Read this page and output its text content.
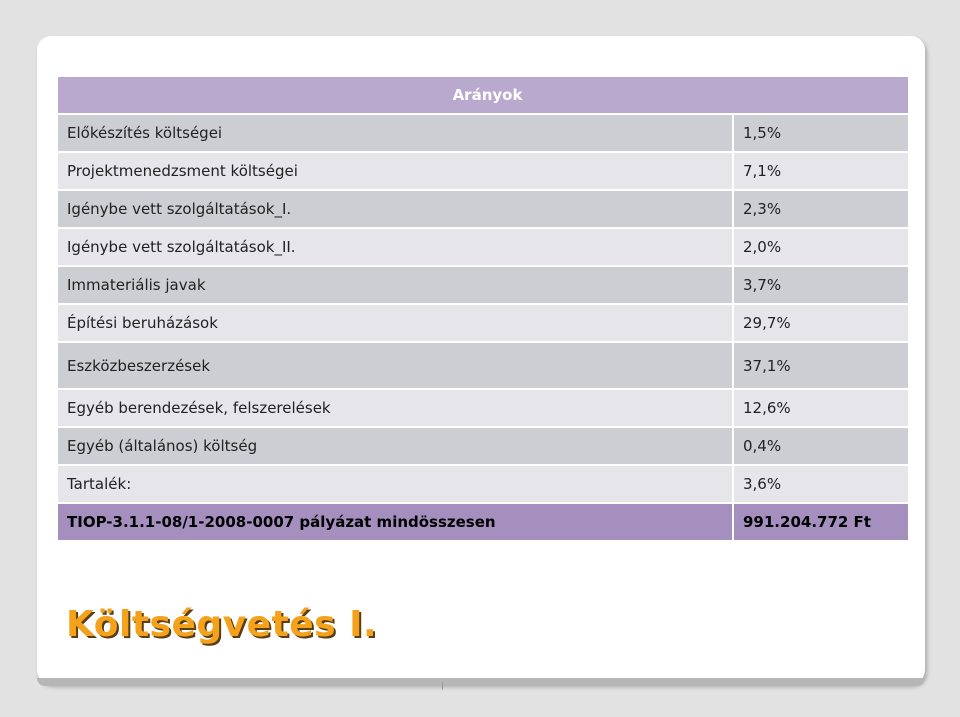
Arányok	
Előkészítés költségei	1,5%
Projektmenedzsment költségei	7,1%
Igénybe vett szolgáltatások_I.	2,3%
Igénybe vett szolgáltatások_II.	2,0%
Immateriális javak	3,7%
Építési beruházások	29,7%
Eszközbeszerzések	37,1%
Egyéb berendezések, felszerelések	12,6%
Egyéb (általános) költség	0,4%
Tartalék:	3,6%
TIOP-3.1.1-08/1-2008-0007 pályázat mindösszesen	991.204.772 Ft
Költségvetés I.
